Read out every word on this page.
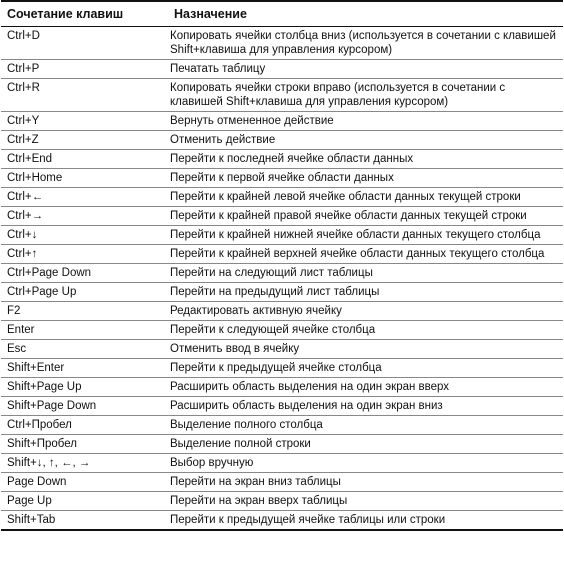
Сочетание клавиш	Назначение
Ctrl+D	Копировать ячейки столбца вниз (используется в сочетании с клавишей Shift+клавиша для управления курсором)
Ctrl+P	Печатать таблицу
Ctrl+R	Копировать ячейки строки вправо (используется в сочетании с клавишей Shift+клавиша для управления курсором)
Ctrl+Y	Вернуть отмененное действие
Ctrl+Z	Отменить действие
Ctrl+End	Перейти к последней ячейке области данных
Ctrl+Home	Перейти к первой ячейке области данных
Ctrl+←	Перейти к крайней левой ячейке области данных текущей строки
Ctrl+→	Перейти к крайней правой ячейке области данных текущей строки
Ctrl+↓	Перейти к крайней нижней ячейке области данных текущего столбца
Ctrl+↑	Перейти к крайней верхней ячейке области данных текущего столбца
Ctrl+Page Down	Перейти на следующий лист таблицы
Ctrl+Page Up	Перейти на предыдущий лист таблицы
F2	Редактировать активную ячейку
Enter	Перейти к следующей ячейке столбца
Esc	Отменить ввод в ячейку
Shift+Enter	Перейти к предыдущей ячейке столбца
Shift+Page Up	Расширить область выделения на один экран вверх
Shift+Page Down	Расширить область выделения на один экран вниз
Ctrl+Пробел	Выделение полного столбца
Shift+Пробел	Выделение полной строки
Shift+↓, ↑, ←, →	Выбор вручную
Page Down	Перейти на экран вниз таблицы
Page Up	Перейти на экран вверх таблицы
Shift+Tab	Перейти к предыдущей ячейке таблицы или строки
